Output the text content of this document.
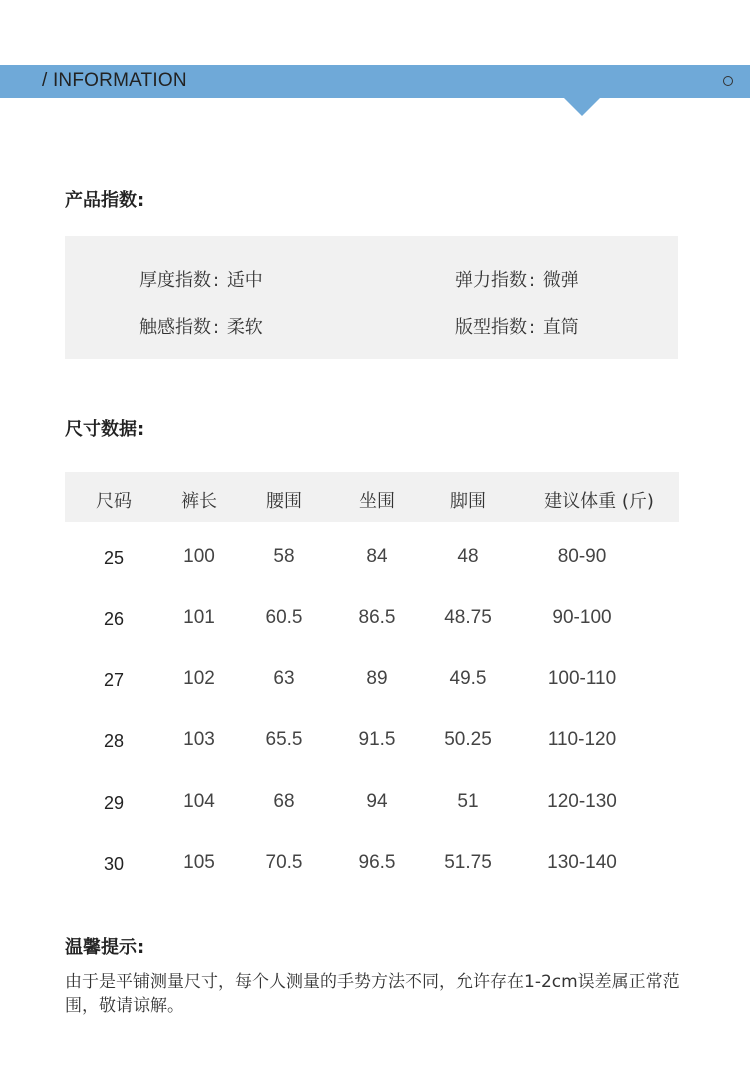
/ INFORMATION
产品指数:
厚度指数 : 适中	弹力指数 : 微弹
触感指数 : 柔软	版型指数 : 直筒
尺寸数据:
尺码	裤长	腰围	坐围	脚围	建议体重 (斤)
25	100	58	84	48	80-90
26	101	60.5	86.5	48.75	90-100
27	102	63	89	49.5	100-110
28	103	65.5	91.5	50.25	110-120
29	104	68	94	51	120-130
30	105	70.5	96.5	51.75	130-140
温馨提示:
由于是平铺测量尺寸，每个人测量的手势方法不同，允许存在1-2cm误差属正常范围，敬请谅解。
